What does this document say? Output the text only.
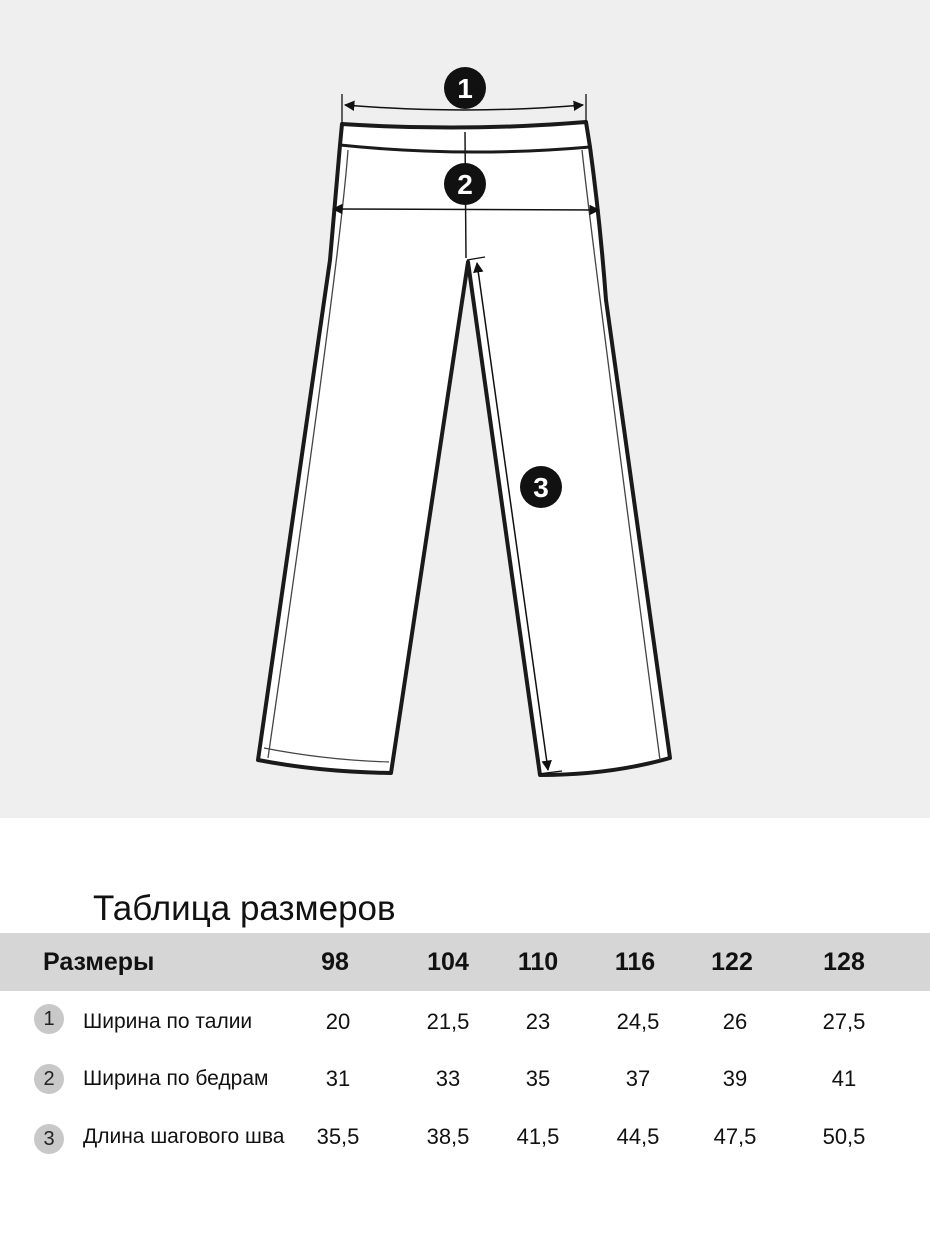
1
2
3
Таблица размеров
Размеры	98	104	110	116	122	128
1	Ширина по талии	20	21,5	23	24,5	26	27,5
2	Ширина по бедрам	31	33	35	37	39	41
3	Длина шагового шва	35,5	38,5	41,5	44,5	47,5	50,5
